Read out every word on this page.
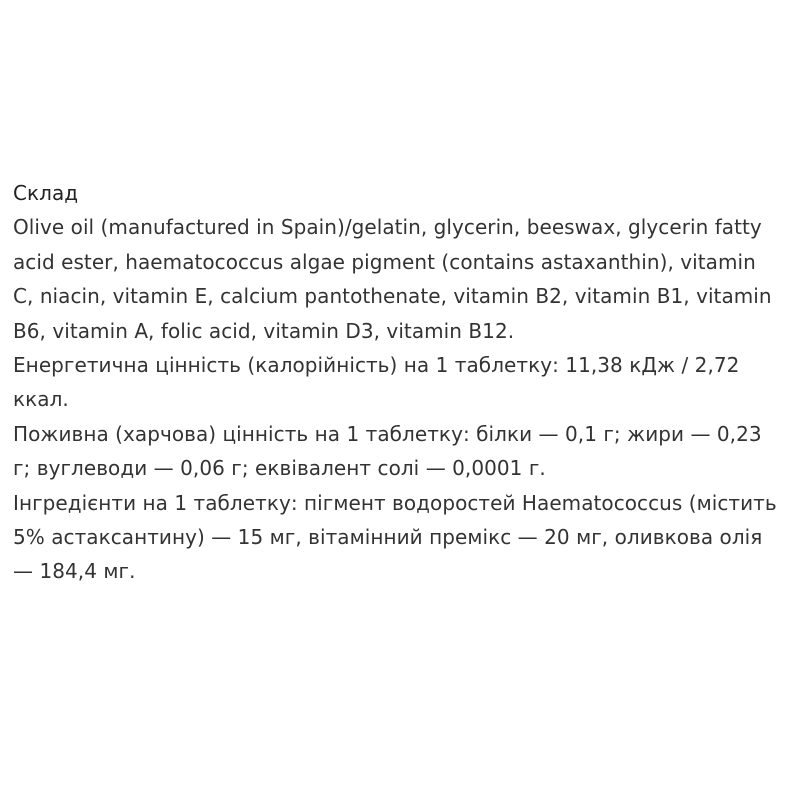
Склад

Olive oil (manufactured in Spain)/gelatin, glycerin, beeswax, glycerin fatty acid ester, haematococcus algae pigment (contains astaxanthin), vitamin C, niacin, vitamin E, calcium pantothenate, vitamin B2, vitamin B1, vitamin B6, vitamin A, folic acid, vitamin D3, vitamin B12.

Енергетична цінність (калорійність) на 1 таблетку: 11,38 кДж / 2,72 ккал.

Поживна (харчова) цінність на 1 таблетку: білки — 0,1 г; жири — 0,23 г; вуглеводи — 0,06 г; еквівалент солі — 0,0001 г.

Інгредієнти на 1 таблетку: пігмент водоростей Haematococcus (містить 5% астаксантину) — 15 мг, вітамінний премікс — 20 мг, оливкова олія — 184,4 мг.
